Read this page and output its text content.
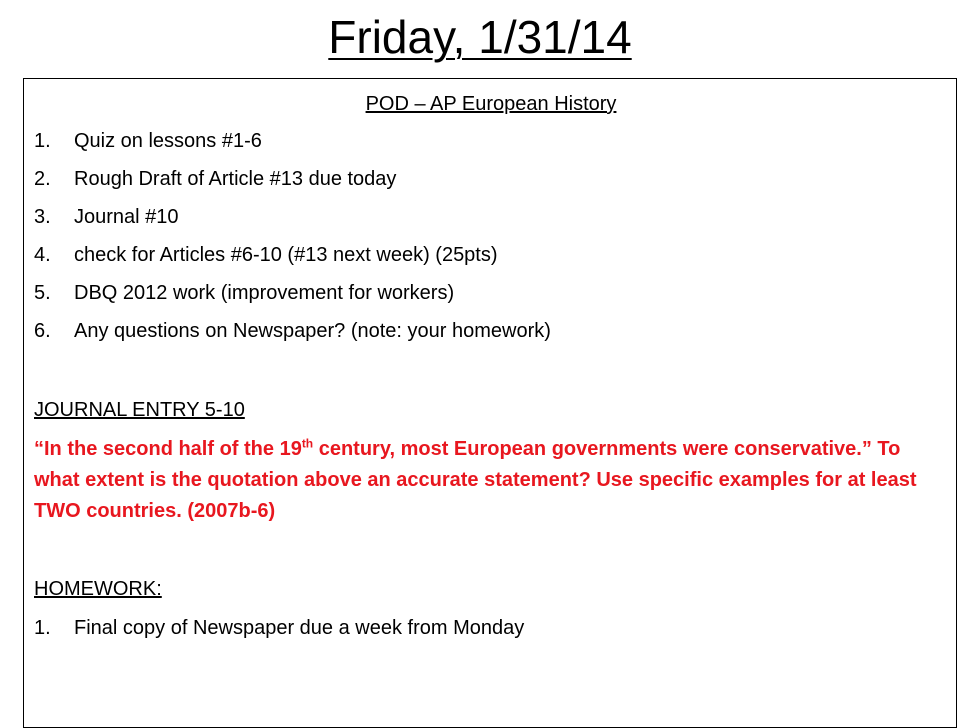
Friday, 1/31/14
POD – AP European History
1. Quiz on lessons #1-6
2. Rough Draft of Article #13 due today
3. Journal #10
4. check for Articles #6-10 (#13 next week) (25pts)
5. DBQ 2012 work (improvement for workers)
6. Any questions on Newspaper? (note: your homework)
JOURNAL ENTRY 5-10
“In the second half of the 19th century, most European governments were conservative.” To what extent is the quotation above an accurate statement? Use specific examples for at least TWO countries. (2007b-6)
HOMEWORK:
1. Final copy of Newspaper due a week from Monday
